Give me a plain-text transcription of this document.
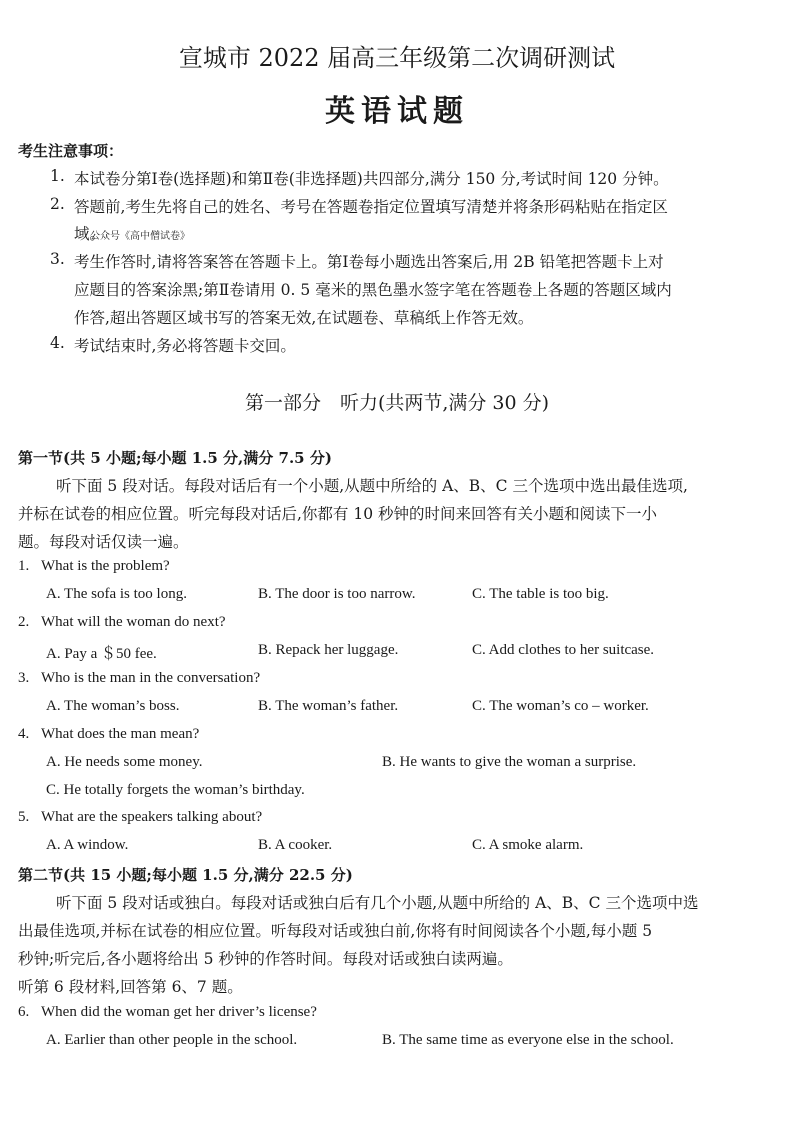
宣城市 2022 届高三年级第二次调研测试
英语试题
考生注意事项：
1. 本试卷分第Ⅰ卷(选择题)和第Ⅱ卷(非选择题)共四部分,满分 150 分,考试时间 120 分钟。
2. 答题前,考生先将自己的姓名、考号在答题卷指定位置填写清楚并将条形码粘贴在指定区
域。
公众号《高中僧试卷》
3. 考生作答时,请将答案答在答题卡上。第Ⅰ卷每小题选出答案后,用 2B 铅笔把答题卡上对
应题目的答案涂黑;第Ⅱ卷请用 0. 5 毫米的黑色墨水签字笔在答题卷上各题的答题区域内
作答,超出答题区域书写的答案无效,在试题卷、草稿纸上作答无效。
4. 考试结束时,务必将答题卡交回。
第一部分　听力(共两节,满分 30 分)
第一节(共 5 小题;每小题 1.5 分,满分 7.5 分)
听下面 5 段对话。每段对话后有一个小题,从题中所给的 A、B、C 三个选项中选出最佳选项,
并标在试卷的相应位置。听完每段对话后,你都有 10 秒钟的时间来回答有关小题和阅读下一小
题。每段对话仅读一遍。
1. What is the problem?
A. The sofa is too long.	B. The door is too narrow.	C. The table is too big.
2. What will the woman do next?
A. Pay a ＄50 fee.	B. Repack her luggage.	C. Add clothes to her suitcase.
3. Who is the man in the conversation?
A. The woman’s boss.	B. The woman’s father.	C. The woman’s co – worker.
4. What does the man mean?
A. He needs some money.	B. He wants to give the woman a surprise.
C. He totally forgets the woman’s birthday.
5. What are the speakers talking about?
A. A window.	B. A cooker.	C. A smoke alarm.
第二节(共 15 小题;每小题 1.5 分,满分 22.5 分)
听下面 5 段对话或独白。每段对话或独白后有几个小题,从题中所给的 A、B、C 三个选项中选
出最佳选项,并标在试卷的相应位置。听每段对话或独白前,你将有时间阅读各个小题,每小题 5
秒钟;听完后,各小题将给出 5 秒钟的作答时间。每段对话或独白读两遍。
听第 6 段材料,回答第 6、7 题。
6. When did the woman get her driver’s license?
A. Earlier than other people in the school.	B. The same time as everyone else in the school.
